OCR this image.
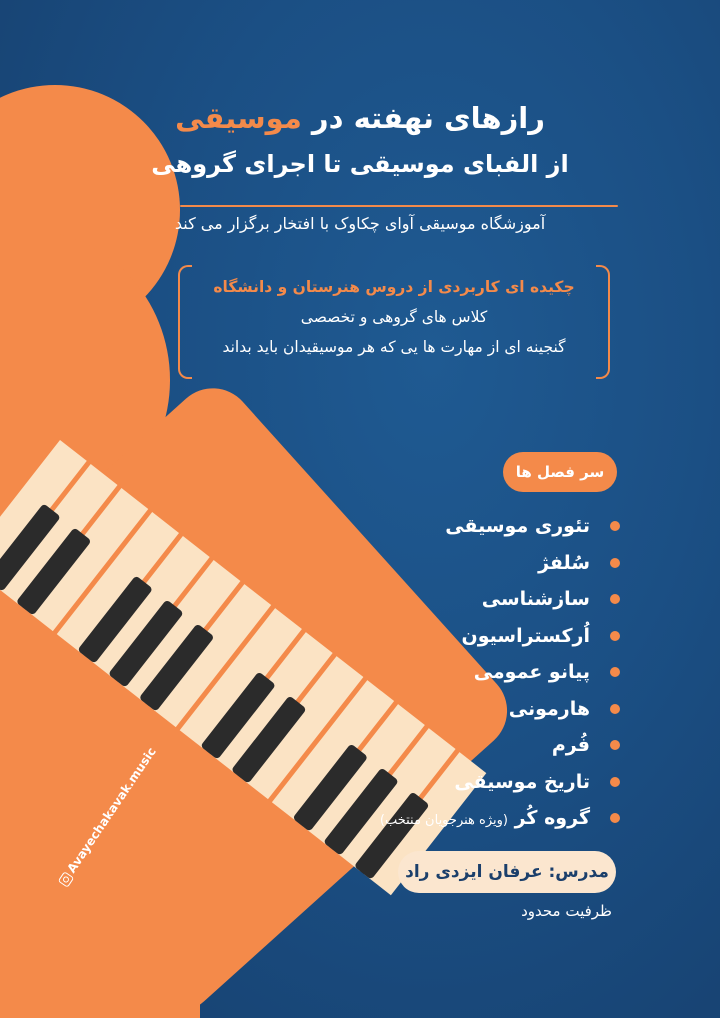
رازهای نهفته در موسیقی
از الفبای موسیقی تا اجرای گروهی
آموزشگاه موسیقی آوای چکاوک با افتخار برگزار می کند
چکیده ای کاربردی از دروس هنرستان و دانشگاه
کلاس های گروهی و تخصصی
گنجینه ای از مهارت ها یی که هر موسیقیدان باید بداند
سر فصل ها
تئوری موسیقی
سُلفژ
سازشناسی
اُرکستراسیون
پیانو عمومی
هارمونی
فُرم
تاریخ موسیقی
گروه کُر (ویژه هنرجویان منتخب)
مدرس: عرفان ایزدی راد
ظرفیت محدود
Avayechakavak.music
